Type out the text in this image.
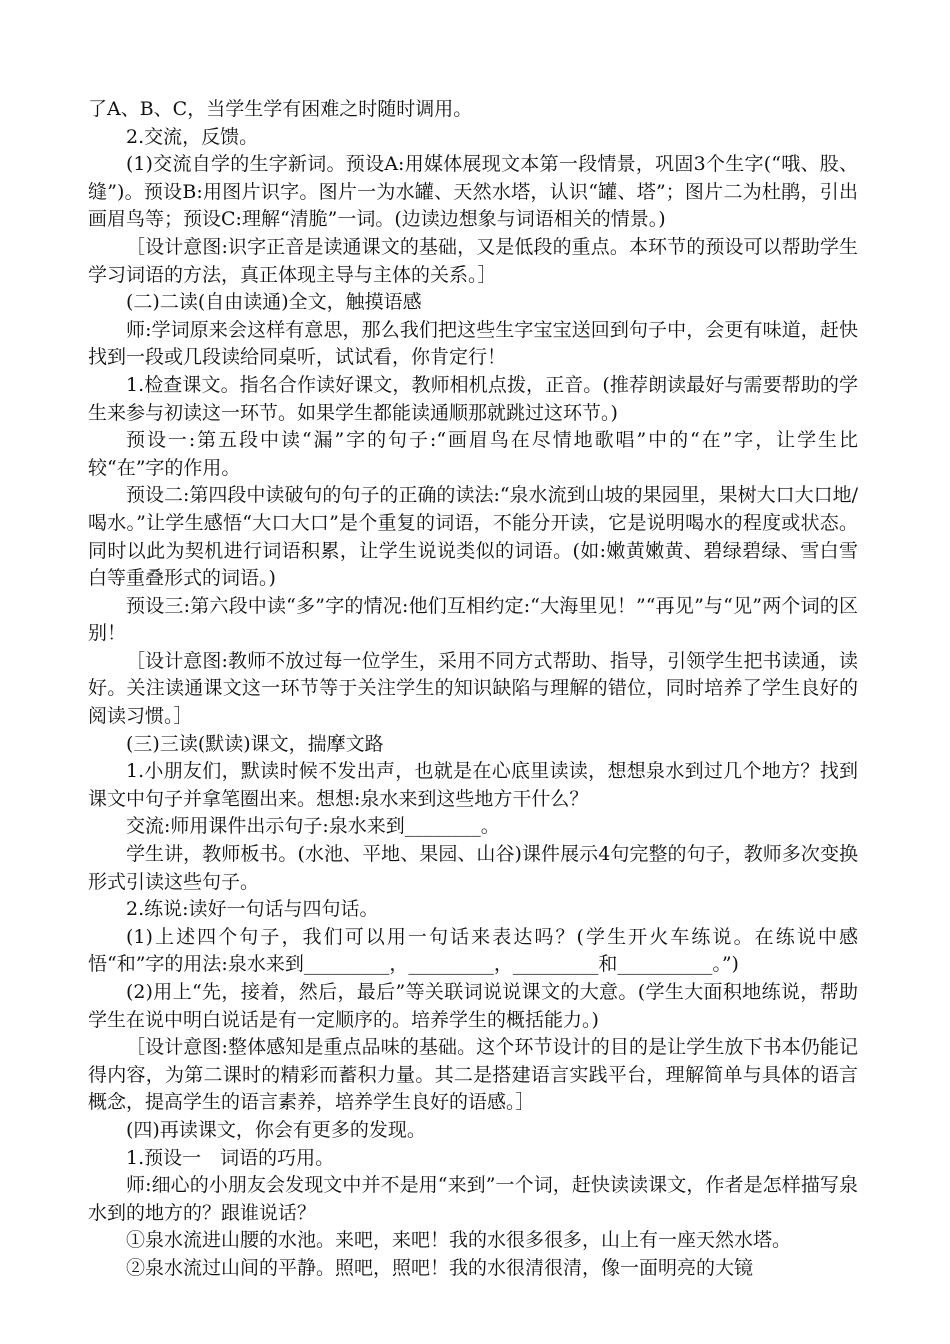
了A、B、C，当学生学有困难之时随时调用。

2.交流，反馈。

(1)交流自学的生字新词。预设A:用媒体展现文本第一段情景，巩固3个生字(“哦、股、缝”)。预设B:用图片识字。图片一为水罐、天然水塔，认识“罐、塔”；图片二为杜鹃，引出画眉鸟等；预设C:理解“清脆”一词。(边读边想象与词语相关的情景。)

［设计意图:识字正音是读通课文的基础，又是低段的重点。本环节的预设可以帮助学生学习词语的方法，真正体现主导与主体的关系。］

(二)二读(自由读通)全文，触摸语感

师:学词原来会这样有意思，那么我们把这些生字宝宝送回到句子中，会更有味道，赶快找到一段或几段读给同桌听，试试看，你肯定行！

1.检查课文。指名合作读好课文，教师相机点拨，正音。(推荐朗读最好与需要帮助的学生来参与初读这一环节。如果学生都能读通顺那就跳过这环节。)

预设一:第五段中读“漏”字的句子:“画眉鸟在尽情地歌唱”中的“在”字，让学生比较“在”字的作用。

预设二:第四段中读破句的句子的正确的读法:“泉水流到山坡的果园里，果树大口大口地/喝水。”让学生感悟“大口大口”是个重复的词语，不能分开读，它是说明喝水的程度或状态。同时以此为契机进行词语积累，让学生说说类似的词语。(如:嫩黄嫩黄、碧绿碧绿、雪白雪白等重叠形式的词语。)

预设三:第六段中读“多”字的情况:他们互相约定:“大海里见！”“再见”与“见”两个词的区别！

［设计意图:教师不放过每一位学生，采用不同方式帮助、指导，引领学生把书读通，读好。关注读通课文这一环节等于关注学生的知识缺陷与理解的错位，同时培养了学生良好的阅读习惯。］

(三)三读(默读)课文，揣摩文路

1.小朋友们，默读时候不发出声，也就是在心底里读读，想想泉水到过几个地方？找到课文中句子并拿笔圈出来。想想:泉水来到这些地方干什么？

交流:师用课件出示句子:泉水来到________。

学生讲，教师板书。(水池、平地、果园、山谷)课件展示4句完整的句子，教师多次变换形式引读这些句子。

2.练说:读好一句话与四句话。

(1)上述四个句子，我们可以用一句话来表达吗？(学生开火车练说。在练说中感悟“和”字的用法:泉水来到_________，_________，_________和__________。”)

(2)用上“先，接着，然后，最后”等关联词说说课文的大意。(学生大面积地练说，帮助学生在说中明白说话是有一定顺序的。培养学生的概括能力。)

［设计意图:整体感知是重点品味的基础。这个环节设计的目的是让学生放下书本仍能记得内容，为第二课时的精彩而蓄积力量。其二是搭建语言实践平台，理解简单与具体的语言概念，提高学生的语言素养，培养学生良好的语感。］

(四)再读课文，你会有更多的发现。

1.预设一　词语的巧用。

师:细心的小朋友会发现文中并不是用“来到”一个词，赶快读读课文，作者是怎样描写泉水到的地方的？跟谁说话？

①泉水流进山腰的水池。来吧，来吧！我的水很多很多，山上有一座天然水塔。

②泉水流过山间的平静。照吧，照吧！我的水很清很清，像一面明亮的大镜
